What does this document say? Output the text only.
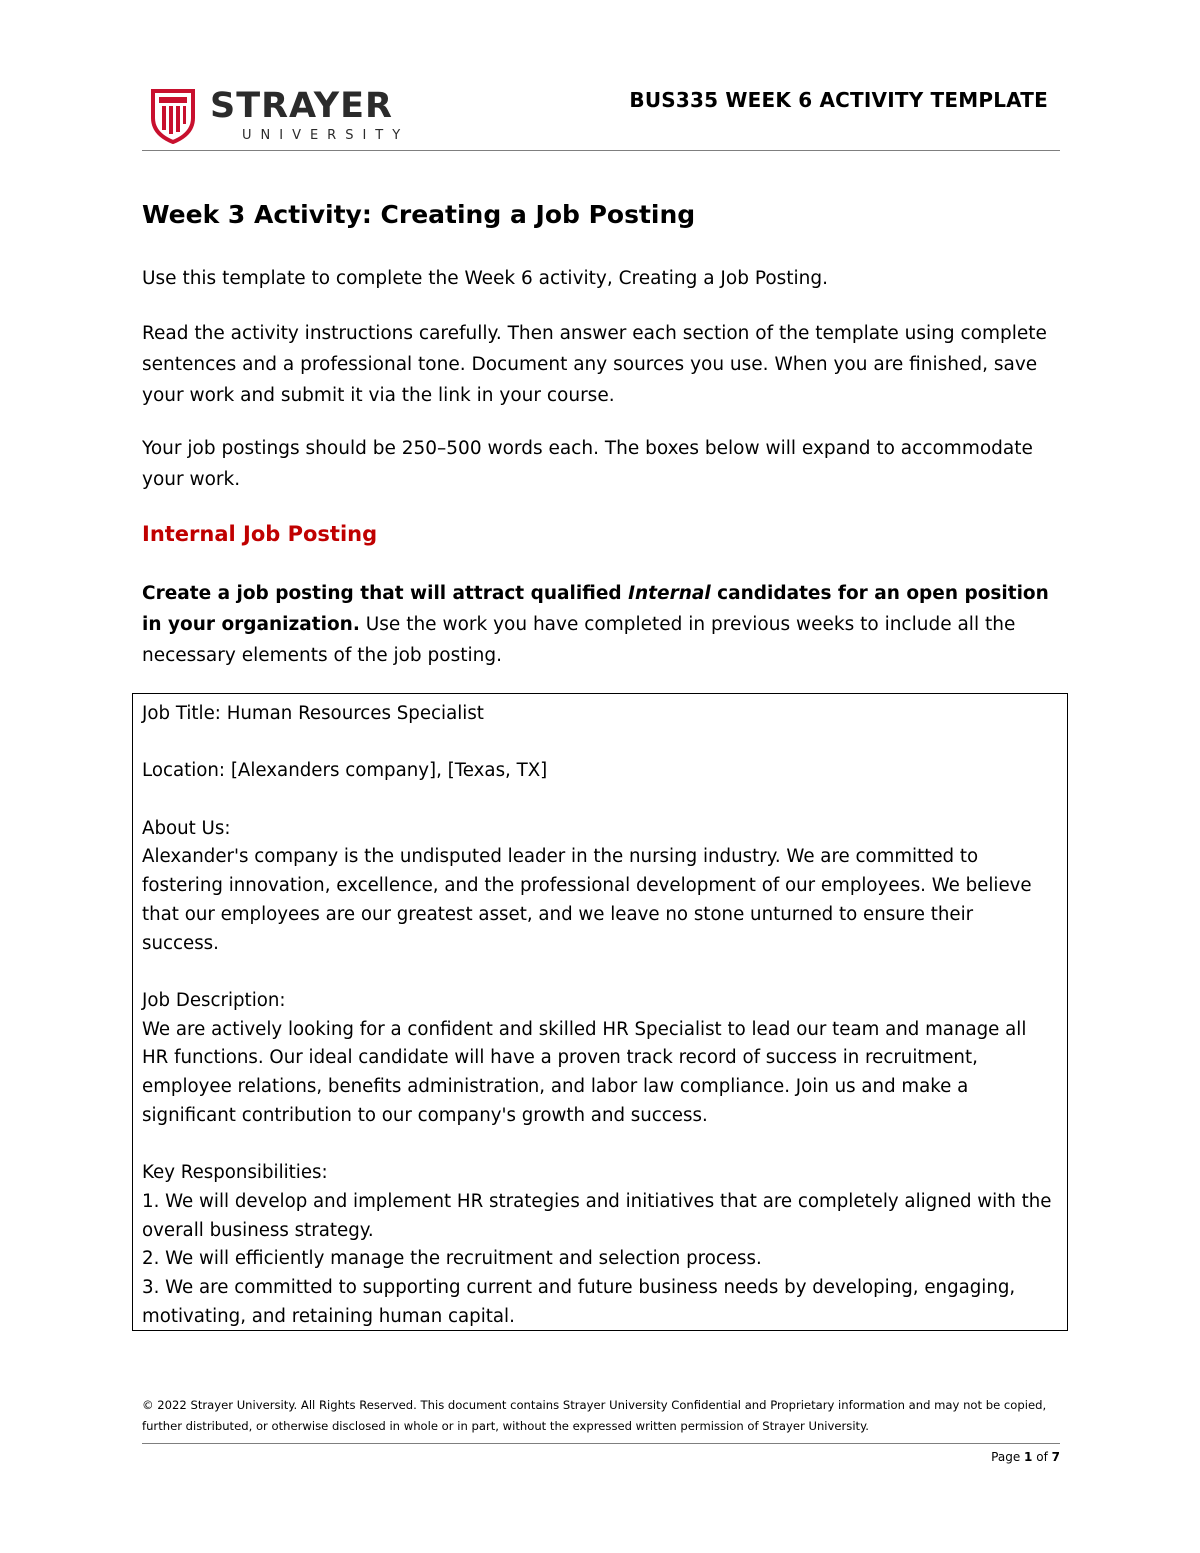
STRAYER
UNIVERSITY
BUS335 WEEK 6 ACTIVITY TEMPLATE
Week 3 Activity: Creating a Job Posting
Use this template to complete the Week 6 activity, Creating a Job Posting.
Read the activity instructions carefully. Then answer each section of the template using complete sentences and a professional tone. Document any sources you use. When you are finished, save your work and submit it via the link in your course.
Your job postings should be 250–500 words each. The boxes below will expand to accommodate your work.
Internal Job Posting
Create a job posting that will attract qualified Internal candidates for an open position in your organization. Use the work you have completed in previous weeks to include all the necessary elements of the job posting.
Job Title: Human Resources Specialist
Location: [Alexanders company], [Texas, TX]
About Us:
Alexander's company is the undisputed leader in the nursing industry. We are committed to fostering innovation, excellence, and the professional development of our employees. We believe that our employees are our greatest asset, and we leave no stone unturned to ensure their success.
Job Description:
We are actively looking for a confident and skilled HR Specialist to lead our team and manage all HR functions. Our ideal candidate will have a proven track record of success in recruitment, employee relations, benefits administration, and labor law compliance. Join us and make a significant contribution to our company's growth and success.
Key Responsibilities:
1. We will develop and implement HR strategies and initiatives that are completely aligned with the overall business strategy.
2. We will efficiently manage the recruitment and selection process.
3. We are committed to supporting current and future business needs by developing, engaging, motivating, and retaining human capital.
© 2022 Strayer University. All Rights Reserved. This document contains Strayer University Confidential and Proprietary information and may not be copied, further distributed, or otherwise disclosed in whole or in part, without the expressed written permission of Strayer University.
Page 1 of 7
